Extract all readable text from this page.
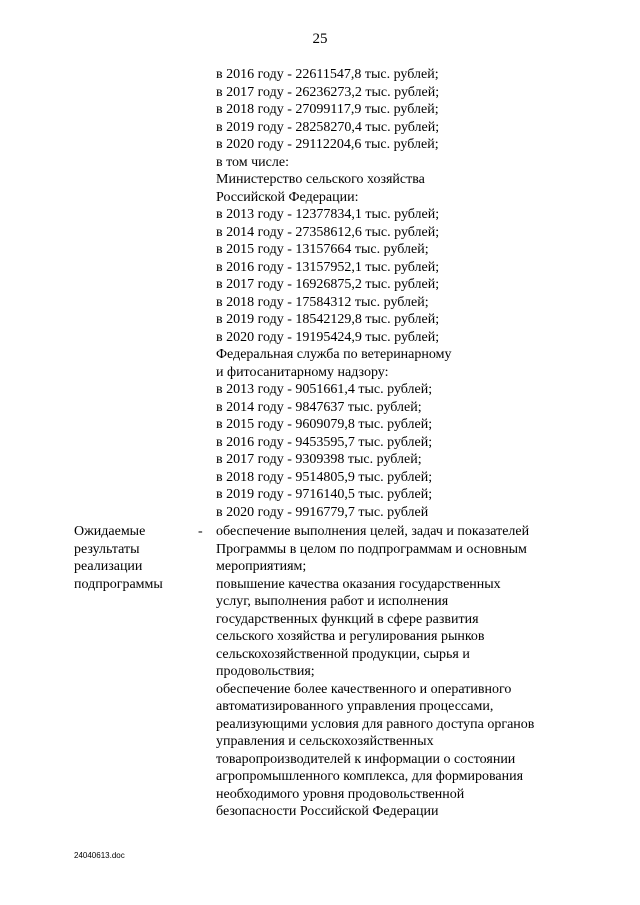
25
в 2016 году - 22611547,8 тыс. рублей;
в 2017 году - 26236273,2 тыс. рублей;
в 2018 году - 27099117,9 тыс. рублей;
в 2019 году - 28258270,4 тыс. рублей;
в 2020 году - 29112204,6 тыс. рублей;
в том числе:
Министерство сельского хозяйства
Российской Федерации:
в 2013 году - 12377834,1 тыс. рублей;
в 2014 году - 27358612,6 тыс. рублей;
в 2015 году - 13157664 тыс. рублей;
в 2016 году - 13157952,1 тыс. рублей;
в 2017 году - 16926875,2 тыс. рублей;
в 2018 году - 17584312 тыс. рублей;
в 2019 году - 18542129,8 тыс. рублей;
в 2020 году - 19195424,9 тыс. рублей;
Федеральная служба по ветеринарному
и фитосанитарному надзору:
в 2013 году - 9051661,4 тыс. рублей;
в 2014 году - 9847637 тыс. рублей;
в 2015 году - 9609079,8 тыс. рублей;
в 2016 году - 9453595,7 тыс. рублей;
в 2017 году - 9309398 тыс. рублей;
в 2018 году - 9514805,9 тыс. рублей;
в 2019 году - 9716140,5 тыс. рублей;
в 2020 году - 9916779,7 тыс. рублей
Ожидаемые
результаты
реализации
подпрограммы
- обеспечение выполнения целей, задач и показателей
Программы в целом по подпрограммам и основным
мероприятиям;
повышение качества оказания государственных
услуг, выполнения работ и исполнения
государственных функций в сфере развития
сельского хозяйства и регулирования рынков
сельскохозяйственной продукции, сырья и
продовольствия;
обеспечение более качественного и оперативного
автоматизированного управления процессами,
реализующими условия для равного доступа органов
управления и сельскохозяйственных
товаропроизводителей к информации о состоянии
агропромышленного комплекса, для формирования
необходимого уровня продовольственной
безопасности Российской Федерации
24040613.doc
